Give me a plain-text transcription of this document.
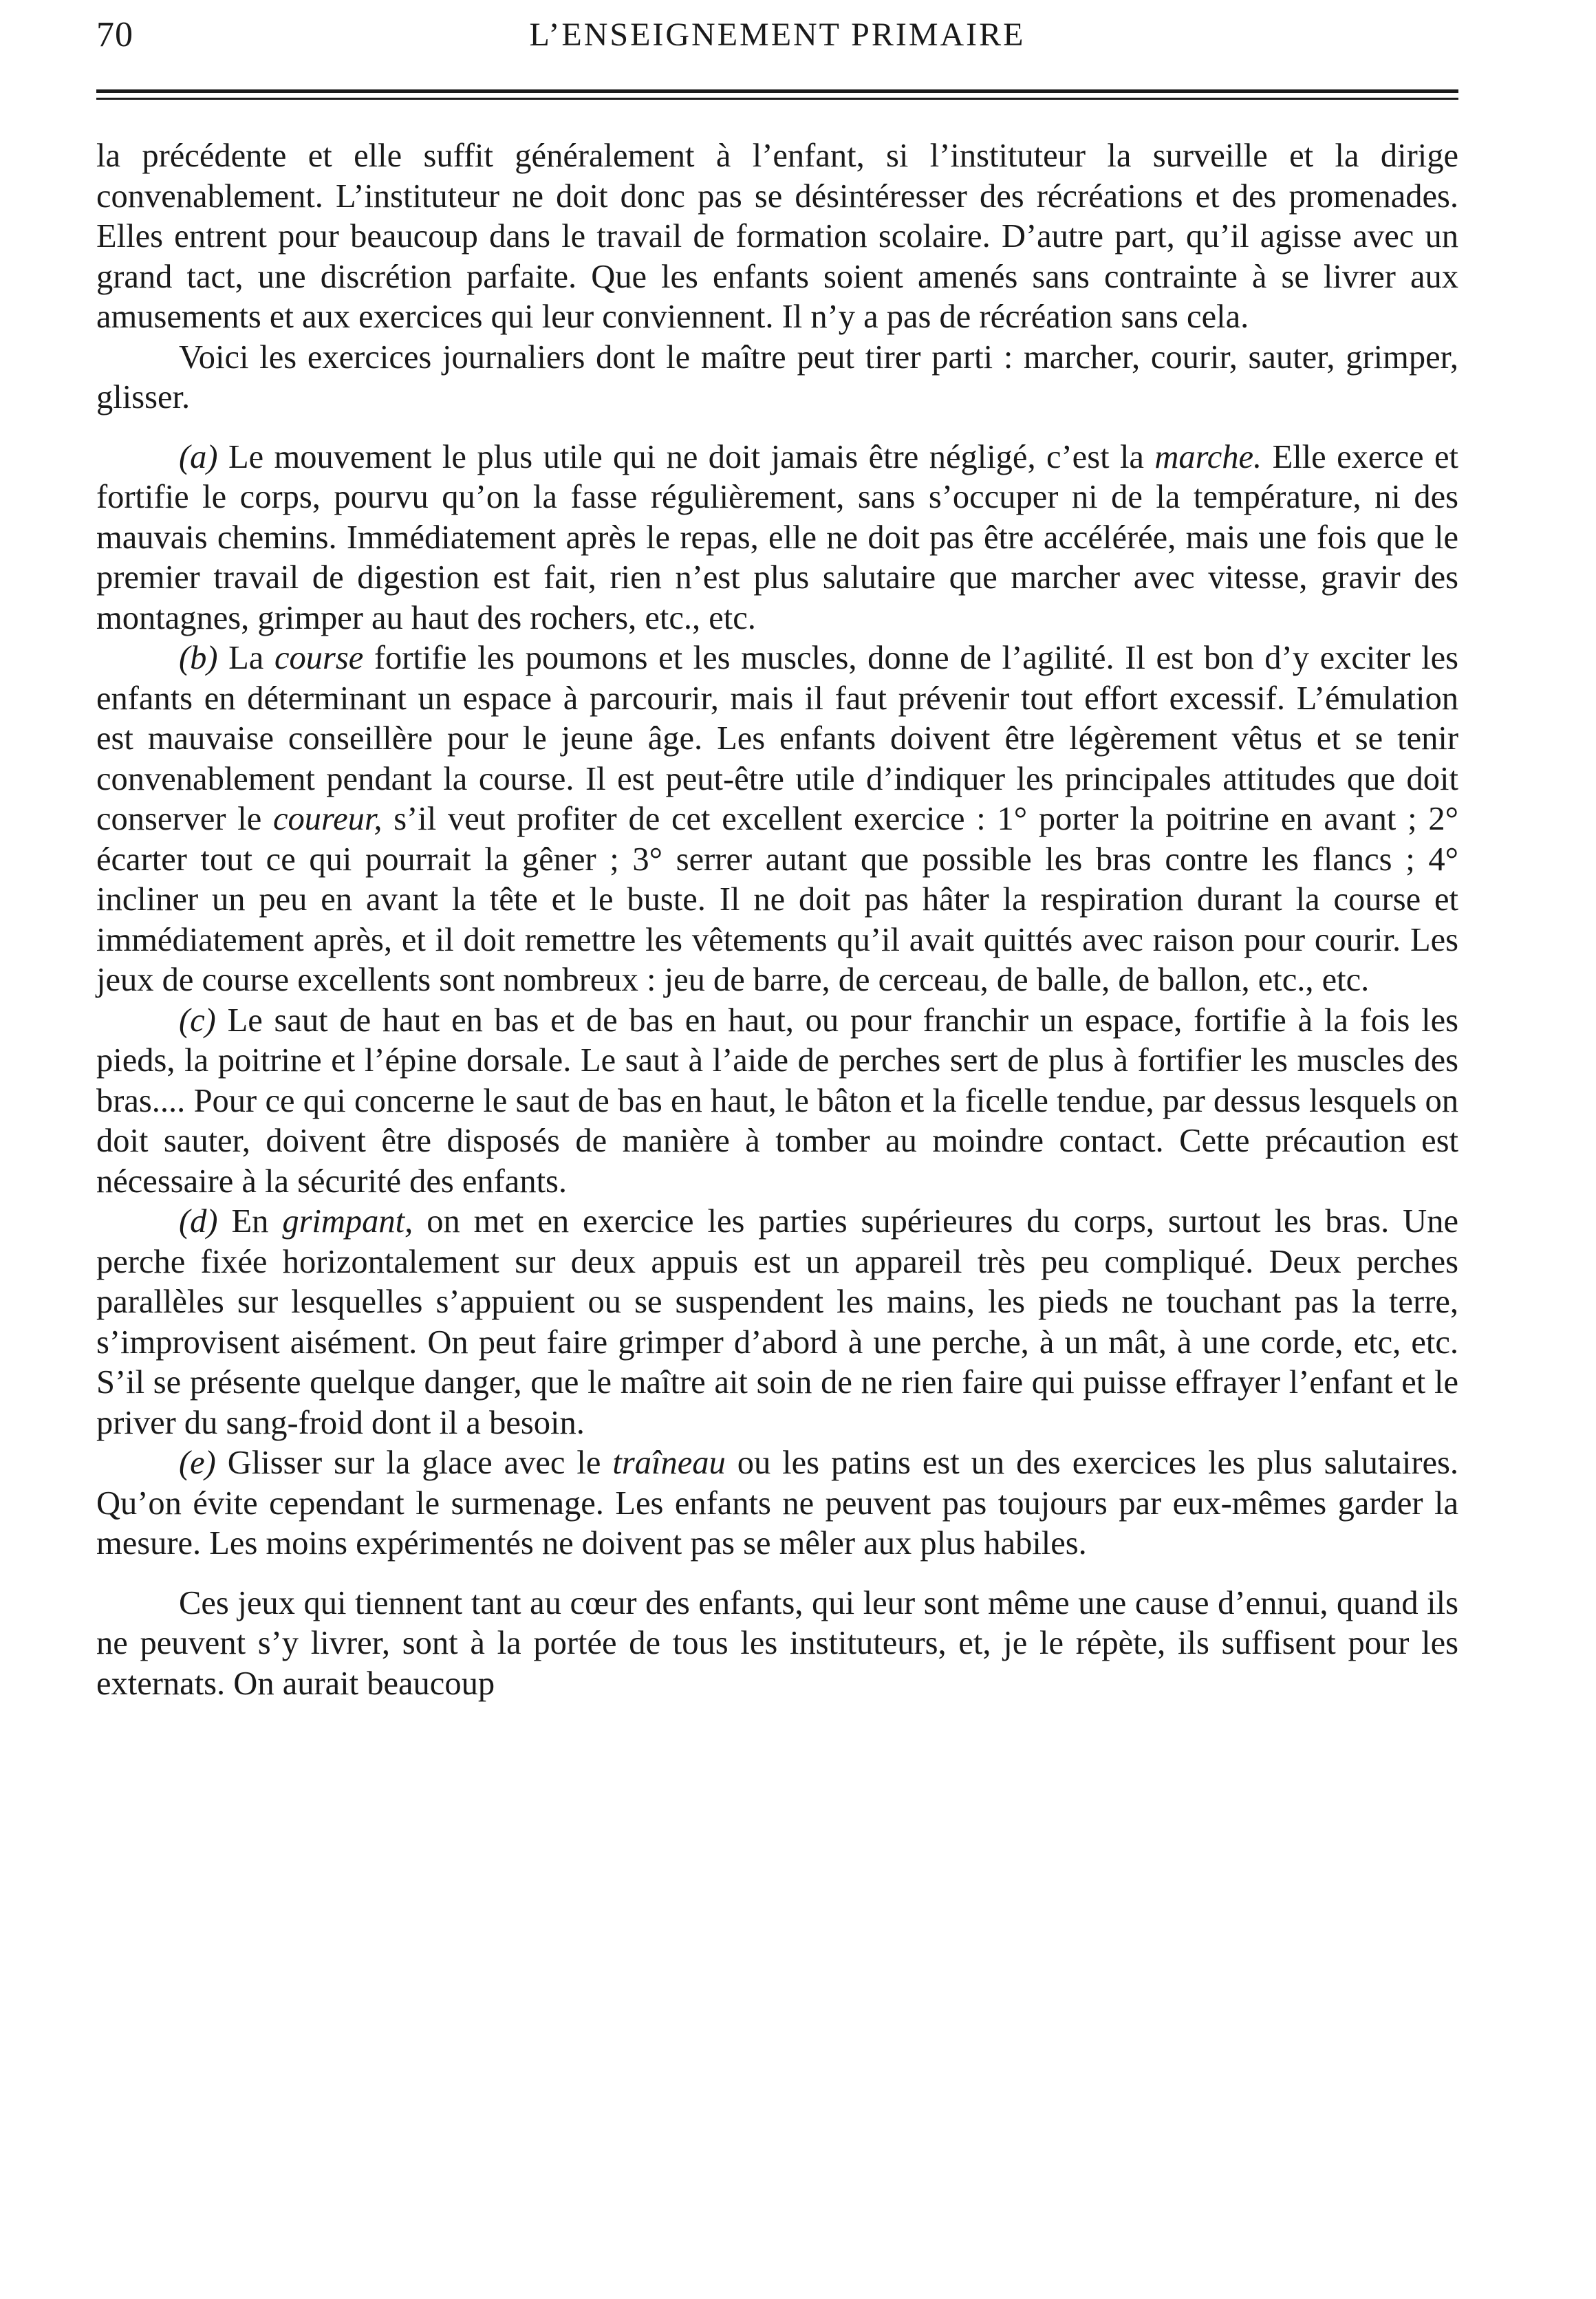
70	L’ENSEIGNEMENT PRIMAIRE

la précédente et elle suffit généralement à l’enfant, si l’instituteur la surveille et la dirige convenablement. L’instituteur ne doit donc pas se désintéresser des récréations et des promenades. Elles entrent pour beaucoup dans le travail de formation scolaire. D’autre part, qu’il agisse avec un grand tact, une discrétion parfaite. Que les enfants soient amenés sans contrainte à se livrer aux amusements et aux exercices qui leur conviennent. Il n’y a pas de récréation sans cela.

Voici les exercices journaliers dont le maître peut tirer parti : marcher, courir, sauter, grimper, glisser.

(a) Le mouvement le plus utile qui ne doit jamais être négligé, c’est la marche. Elle exerce et fortifie le corps, pourvu qu’on la fasse régulièrement, sans s’occuper ni de la température, ni des mauvais chemins. Immédiatement après le repas, elle ne doit pas être accélérée, mais une fois que le premier travail de digestion est fait, rien n’est plus salutaire que marcher avec vitesse, gravir des montagnes, grimper au haut des rochers, etc., etc.

(b) La course fortifie les poumons et les muscles, donne de l’agilité. Il est bon d’y exciter les enfants en déterminant un espace à parcourir, mais il faut prévenir tout effort excessif. L’émulation est mauvaise conseillère pour le jeune âge. Les enfants doivent être légèrement vêtus et se tenir convenablement pendant la course. Il est peut-être utile d’indiquer les principales attitudes que doit conserver le coureur, s’il veut profiter de cet excellent exercice : 1° porter la poitrine en avant ; 2° écarter tout ce qui pourrait la gêner ; 3° serrer autant que possible les bras contre les flancs ; 4° incliner un peu en avant la tête et le buste. Il ne doit pas hâter la respiration durant la course et immédiatement après, et il doit remettre les vêtements qu’il avait quittés avec raison pour courir. Les jeux de course excellents sont nombreux : jeu de barre, de cerceau, de balle, de ballon, etc., etc.

(c) Le saut de haut en bas et de bas en haut, ou pour franchir un espace, fortifie à la fois les pieds, la poitrine et l’épine dorsale. Le saut à l’aide de perches sert de plus à fortifier les muscles des bras.... Pour ce qui concerne le saut de bas en haut, le bâton et la ficelle tendue, par dessus lesquels on doit sauter, doivent être disposés de manière à tomber au moindre contact. Cette précaution est nécessaire à la sécurité des enfants.

(d) En grimpant, on met en exercice les parties supérieures du corps, surtout les bras. Une perche fixée horizontalement sur deux appuis est un appareil très peu compliqué. Deux perches parallèles sur lesquelles s’appuient ou se suspendent les mains, les pieds ne touchant pas la terre, s’improvisent aisément. On peut faire grimper d’abord à une perche, à un mât, à une corde, etc, etc. S’il se présente quelque danger, que le maître ait soin de ne rien faire qui puisse effrayer l’enfant et le priver du sang-froid dont il a besoin.

(e) Glisser sur la glace avec le traîneau ou les patins est un des exercices les plus salutaires. Qu’on évite cependant le surmenage. Les enfants ne peuvent pas toujours par eux-mêmes garder la mesure. Les moins expérimentés ne doivent pas se mêler aux plus habiles.

Ces jeux qui tiennent tant au cœur des enfants, qui leur sont même une cause d’ennui, quand ils ne peuvent s’y livrer, sont à la portée de tous les instituteurs, et, je le répète, ils suffisent pour les externats. On aurait beaucoup
